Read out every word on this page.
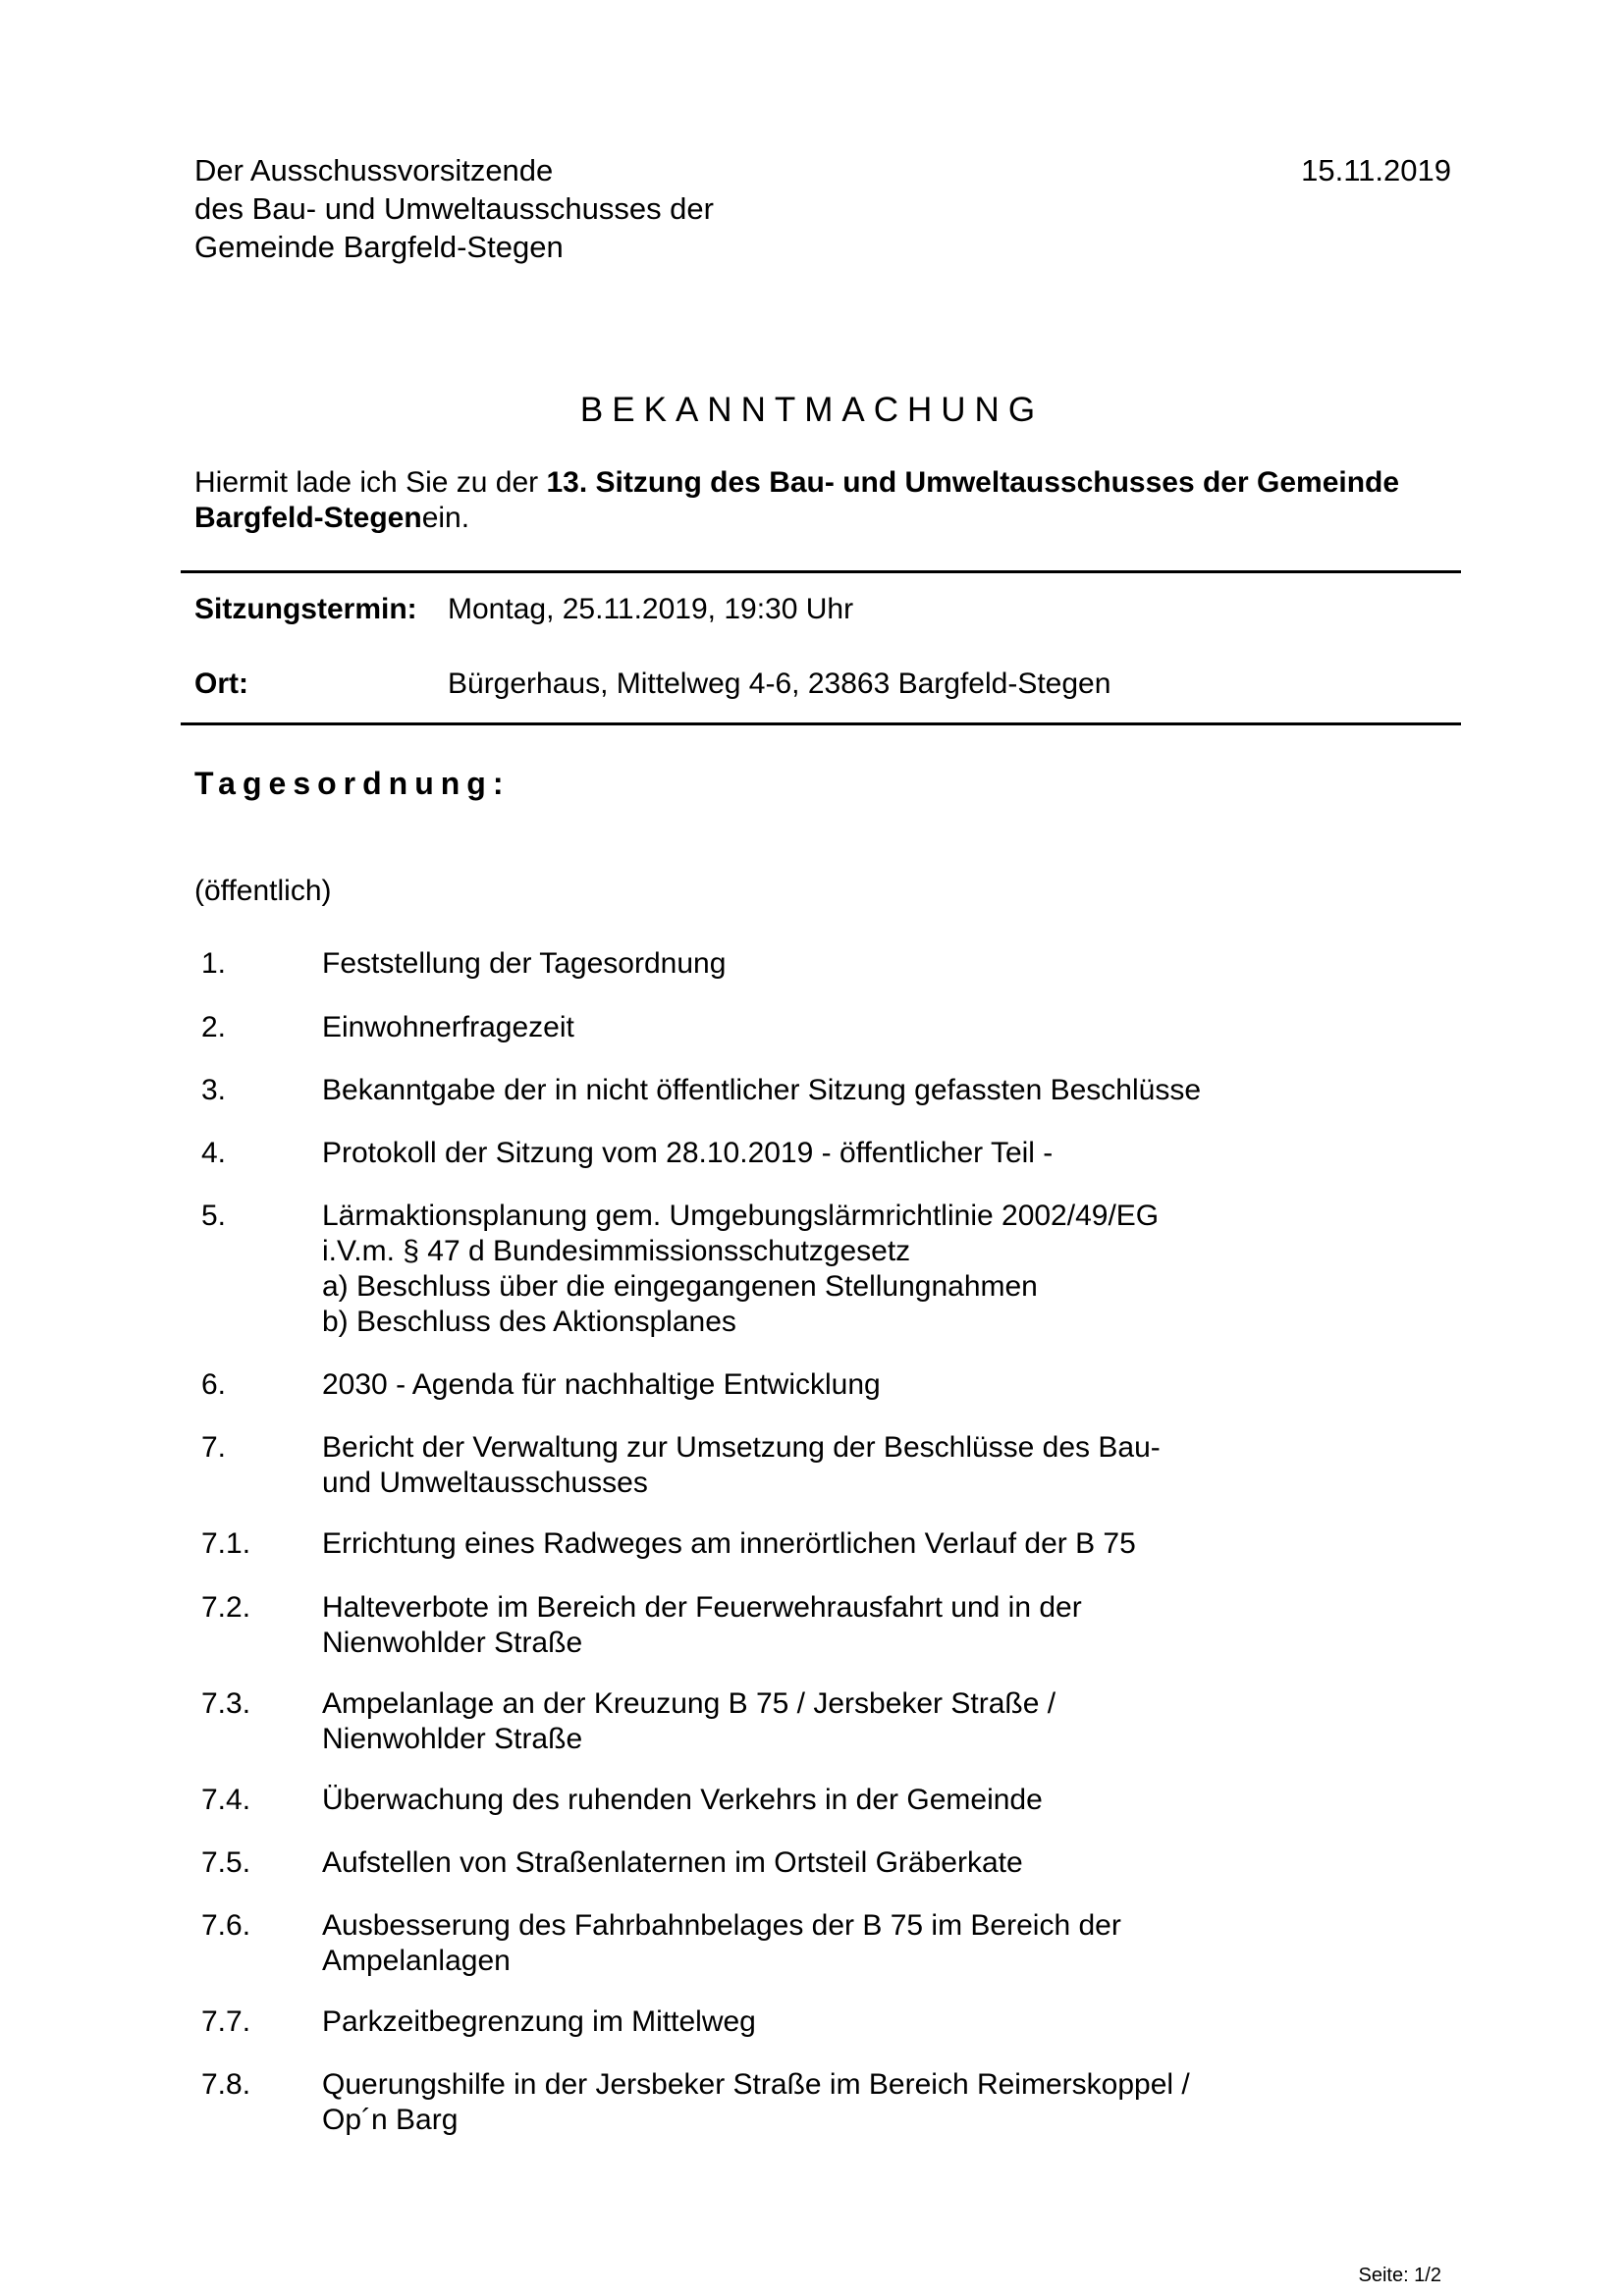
Der Ausschussvorsitzende
des Bau- und Umweltausschusses der
Gemeinde Bargfeld-Stegen
15.11.2019
BEKANNTMACHUNG
Hiermit lade ich Sie zu der 13. Sitzung des Bau- und Umweltausschusses der Gemeinde Bargfeld-Stegenein.
Sitzungstermin: Montag, 25.11.2019, 19:30 Uhr
Ort:	Bürgerhaus, Mittelweg 4-6, 23863 Bargfeld-Stegen
Tagesordnung:
(öffentlich)
1.	Feststellung der Tagesordnung
2.	Einwohnerfragezeit
3.	Bekanntgabe der in nicht öffentlicher Sitzung gefassten Beschlüsse
4.	Protokoll der Sitzung vom 28.10.2019 - öffentlicher Teil -
5.	Lärmaktionsplanung gem. Umgebungslärmrichtlinie 2002/49/EG
i.V.m. § 47 d Bundesimmissionsschutzgesetz
a) Beschluss über die eingegangenen Stellungnahmen
b) Beschluss des Aktionsplanes
6.	2030 - Agenda für nachhaltige Entwicklung
7.	Bericht der Verwaltung zur Umsetzung der Beschlüsse des Bau-
und Umweltausschusses
7.1. Errichtung eines Radweges am innerörtlichen Verlauf der B 75
7.2. Halteverbote im Bereich der Feuerwehrausfahrt und in der
Nienwohlder Straße
7.3. Ampelanlage an der Kreuzung B 75 / Jersbeker Straße /
Nienwohlder Straße
7.4. Überwachung des ruhenden Verkehrs in der Gemeinde
7.5. Aufstellen von Straßenlaternen im Ortsteil Gräberkate
7.6. Ausbesserung des Fahrbahnbelages der B 75 im Bereich der
Ampelanlagen
7.7. Parkzeitbegrenzung im Mittelweg
7.8. Querungshilfe in der Jersbeker Straße im Bereich Reimerskoppel /
Op´n Barg
Seite: 1/2
